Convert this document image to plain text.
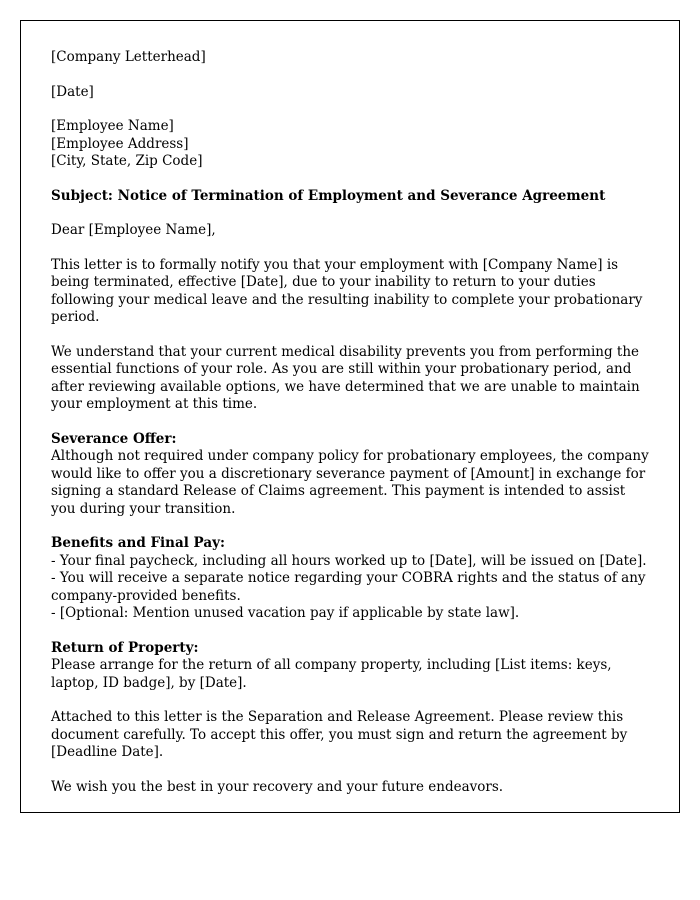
[Company Letterhead]
[Date]
[Employee Name]
[Employee Address]
[City, State, Zip Code]
Subject: Notice of Termination of Employment and Severance Agreement
Dear [Employee Name],
This letter is to formally notify you that your employment with [Company Name] is being terminated, effective [Date], due to your inability to return to your duties following your medical leave and the resulting inability to complete your probationary period.
We understand that your current medical disability prevents you from performing the essential functions of your role. As you are still within your probationary period, and after reviewing available options, we have determined that we are unable to maintain your employment at this time.
Severance Offer:
Although not required under company policy for probationary employees, the company would like to offer you a discretionary severance payment of [Amount] in exchange for signing a standard Release of Claims agreement. This payment is intended to assist you during your transition.
Benefits and Final Pay:
- Your final paycheck, including all hours worked up to [Date], will be issued on [Date].
- You will receive a separate notice regarding your COBRA rights and the status of any company-provided benefits.
- [Optional: Mention unused vacation pay if applicable by state law].
Return of Property:
Please arrange for the return of all company property, including [List items: keys, laptop, ID badge], by [Date].
Attached to this letter is the Separation and Release Agreement. Please review this document carefully. To accept this offer, you must sign and return the agreement by [Deadline Date].
We wish you the best in your recovery and your future endeavors.
